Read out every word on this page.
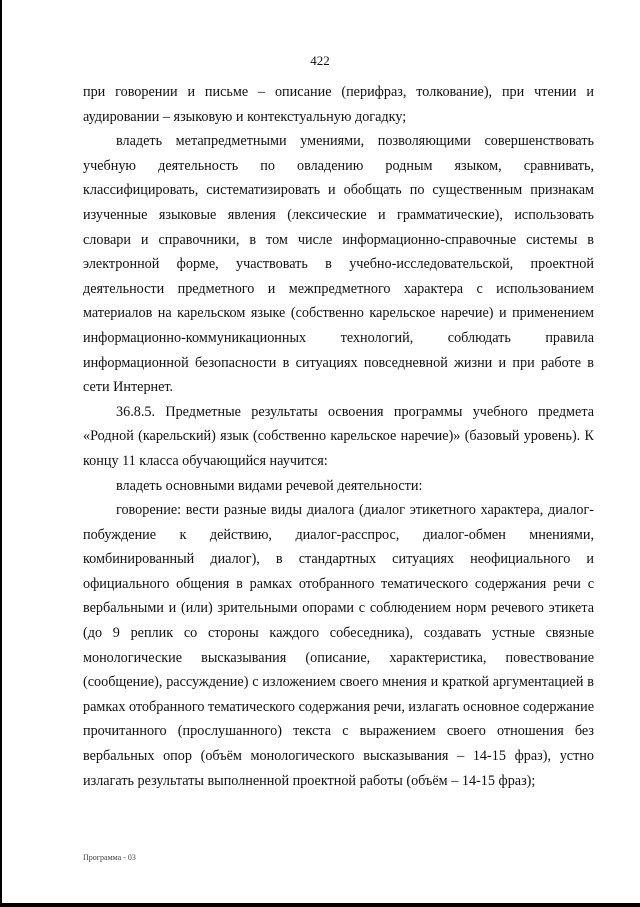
422

при говорении и письме – описание (перифраз, толкование), при чтении и аудировании – языковую и контекстуальную догадку;

владеть метапредметными умениями, позволяющими совершенствовать учебную деятельность по овладению родным языком, сравнивать, классифицировать, систематизировать и обобщать по существенным признакам изученные языковые явления (лексические и грамматические), использовать словари и справочники, в том числе информационно-справочные системы в электронной форме, участвовать в учебно-исследовательской, проектной деятельности предметного и межпредметного характера с использованием материалов на карельском языке (собственно карельское наречие) и применением информационно-коммуникационных технологий, соблюдать правила информационной безопасности в ситуациях повседневной жизни и при работе в сети Интернет.

36.8.5. Предметные результаты освоения программы учебного предмета «Родной (карельский) язык (собственно карельское наречие)» (базовый уровень). К концу 11 класса обучающийся научится:

владеть основными видами речевой деятельности:

говорение: вести разные виды диалога (диалог этикетного характера, диалог-побуждение к действию, диалог-расспрос, диалог-обмен мнениями, комбинированный диалог), в стандартных ситуациях неофициального и официального общения в рамках отобранного тематического содержания речи с вербальными и (или) зрительными опорами с соблюдением норм речевого этикета (до 9 реплик со стороны каждого собеседника), создавать устные связные монологические высказывания (описание, характеристика, повествование (сообщение), рассуждение) с изложением своего мнения и краткой аргументацией в рамках отобранного тематического содержания речи, излагать основное содержание прочитанного (прослушанного) текста с выражением своего отношения без вербальных опор (объём монологического высказывания – 14-15 фраз), устно излагать результаты выполненной проектной работы (объём – 14-15 фраз);

Программа - 03
